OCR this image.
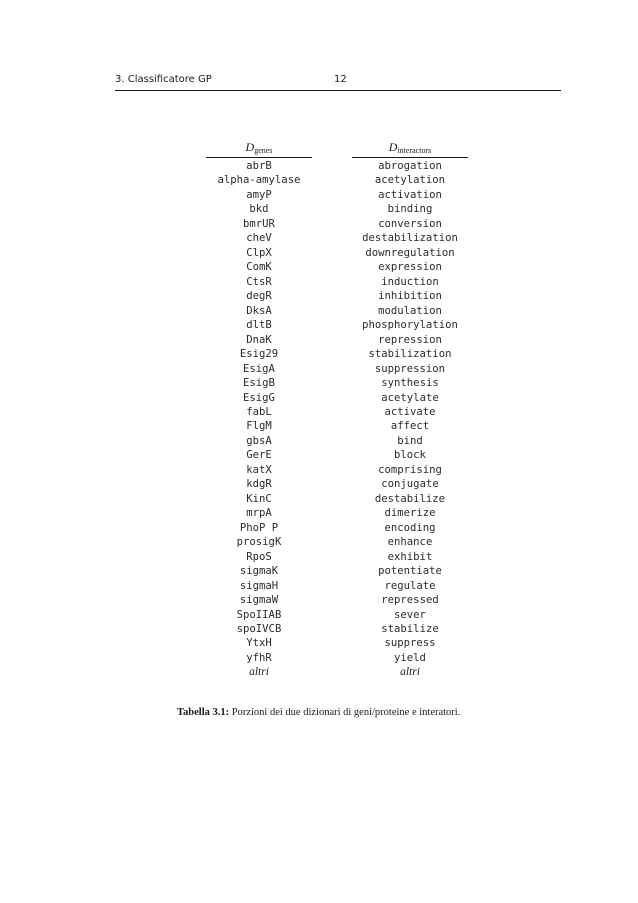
3. Classificatore GP	12
$D_{genes}$
abrB
alpha-amylase
amyP
bkd
bmrUR
cheV
ClpX
ComK
CtsR
degR
DksA
dltB
DnaK
Esig29
EsigA
EsigB
EsigG
fabL
FlgM
gbsA
GerE
katX
kdgR
KinC
mrpA
PhoP P
prosigK
RpoS
sigmaK
sigmaH
sigmaW
SpoIIAB
spoIVCB
YtxH
yfhR
altri
$D_{interactors}$
abrogation
acetylation
activation
binding
conversion
destabilization
downregulation
expression
induction
inhibition
modulation
phosphorylation
repression
stabilization
suppression
synthesis
acetylate
activate
affect
bind
block
comprising
conjugate
destabilize
dimerize
encoding
enhance
exhibit
potentiate
regulate
repressed
sever
stabilize
suppress
yield
altri
Tabella 3.1: Porzioni dei due dizionari di geni/proteine e interatori.
